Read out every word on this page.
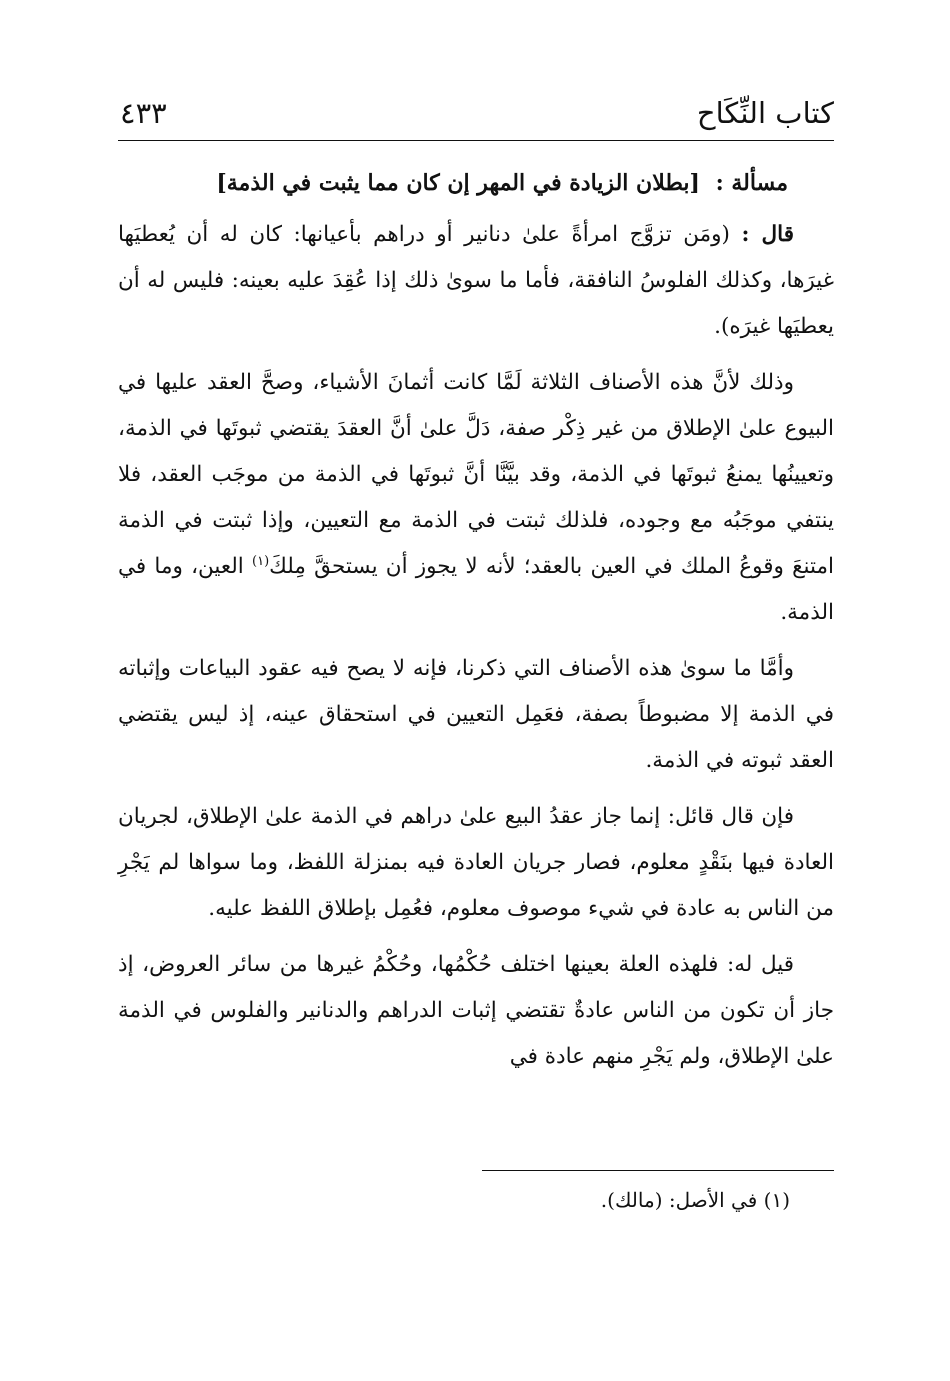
كتاب النِّكَاح
٤٣٣
مسألة : [بطلان الزيادة في المهر إن كان مما يثبت في الذمة]

قال : (ومَن تزوَّج امرأةً علىٰ دنانير أو دراهم بأعيانها: كان له أن يُعطيَها غيرَها، وكذلك الفلوسُ النافقة، فأما ما سوىٰ ذلك إذا عُقِدَ عليه بعينه: فليس له أن يعطيَها غيرَه).

وذلك لأنَّ هذه الأصناف الثلاثة لَمَّا كانت أثمانَ الأشياء، وصحَّ العقد عليها في البيوع علىٰ الإطلاق من غير ذِكْر صفة، دَلَّ علىٰ أنَّ العقدَ يقتضي ثبوتَها في الذمة، وتعيينُها يمنعُ ثبوتَها في الذمة، وقد بيَّنَّا أنَّ ثبوتَها في الذمة من موجَب العقد، فلا ينتفي موجَبُه مع وجوده، فلذلك ثبتت في الذمة مع التعيين، وإذا ثبتت في الذمة امتنعَ وقوعُ الملك في العين بالعقد؛ لأنه لا يجوز أن يستحقَّ مِلكَ$^{(١)}$ العين، وما في الذمة.

وأمَّا ما سوىٰ هذه الأصناف التي ذكرنا، فإنه لا يصح فيه عقود البياعات وإثباته في الذمة إلا مضبوطاً بصفة، فعَمِل التعيين في استحقاق عينه، إذ ليس يقتضي العقد ثبوته في الذمة.

فإن قال قائل: إنما جاز عقدُ البيع علىٰ دراهم في الذمة علىٰ الإطلاق، لجريان العادة فيها بنَقْدٍ معلوم، فصار جريان العادة فيه بمنزلة اللفظ، وما سواها لم يَجْرِ من الناس به عادة في شيء موصوف معلوم، فعُمِل بإطلاق اللفظ عليه.

قيل له: فلهذه العلة بعينها اختلف حُكْمُها، وحُكْمُ غيرها من سائر العروض، إذ جاز أن تكون من الناس عادةٌ تقتضي إثبات الدراهم والدنانير والفلوس في الذمة علىٰ الإطلاق، ولم يَجْرِ منهم عادة في

(١) في الأصل: (مالك).
